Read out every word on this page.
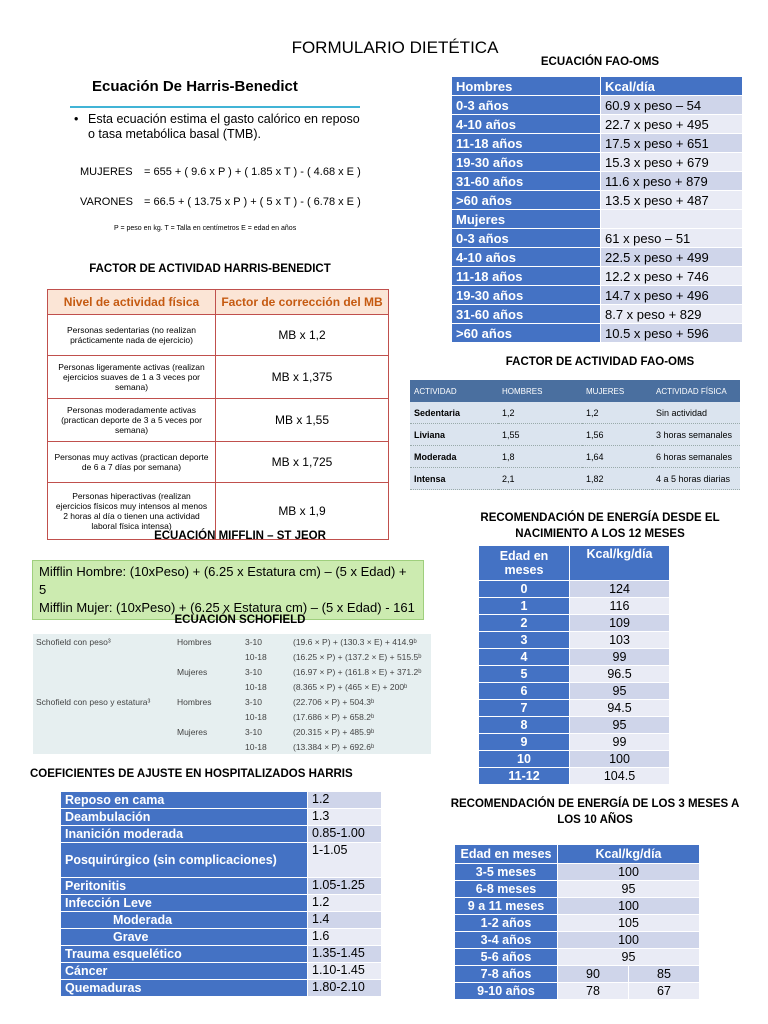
FORMULARIO DIETÉTICA
Ecuación De Harris-Benedict
• Esta ecuación estima el gasto calórico en reposo o tasa metabólica basal (TMB).
MUJERES = 655 + ( 9.6 x P ) + ( 1.85 x T ) - ( 4.68 x E )
VARONES = 66.5 + ( 13.75 x P ) + ( 5 x T ) - ( 6.78 x E )
P = peso en kg. T = Talla en centímetros E = edad en años
ECUACIÓN FAO-OMS
Hombres	Kcal/día
0-3 años	60.9 x peso – 54
4-10 años	22.7 x peso + 495
11-18 años	17.5 x peso + 651
19-30 años	15.3 x peso + 679
31-60 años	11.6 x peso + 879
>60 años	13.5 x peso + 487
Mujeres	
0-3 años	61 x peso – 51
4-10 años	22.5 x peso + 499
11-18 años	12.2 x peso + 746
19-30 años	14.7 x peso + 496
31-60 años	8.7 x peso + 829
>60 años	10.5 x peso + 596
FACTOR DE ACTIVIDAD HARRIS-BENEDICT
Nivel de actividad física	Factor de corrección del MB
Personas sedentarias (no realizan prácticamente nada de ejercicio)	MB x 1,2
Personas ligeramente activas (realizan ejercicios suaves de 1 a 3 veces por semana)	MB x 1,375
Personas moderadamente activas (practican deporte de 3 a 5 veces por semana)	MB x 1,55
Personas muy activas (practican deporte de 6 a 7 días por semana)	MB x 1,725
Personas hiperactivas (realizan ejercicios físicos muy intensos al menos 2 horas al día o tienen una actividad laboral física intensa)	MB x 1,9
FACTOR DE ACTIVIDAD FAO-OMS
ACTIVIDAD	HOMBRES	MUJERES	ACTIVIDAD FÍSICA
Sedentaria	1,2	1,2	Sin actividad
Liviana	1,55	1,56	3 horas semanales
Moderada	1,8	1,64	6 horas semanales
Intensa	2,1	1,82	4 a 5 horas diarias
ECUACIÓN MIFFLIN – ST JEOR
Mifflin Hombre: (10xPeso) + (6.25 x Estatura cm) – (5 x Edad) + 5
Mifflin Mujer: (10xPeso) + (6.25 x Estatura cm) – (5 x Edad) - 161
ECUACIÓN SCHOFIELD
Schofield con peso³	Hombres	3-10	(19.6 × P) + (130.3 × E) + 414.9ᵇ
		10-18	(16.25 × P) + (137.2 × E) + 515.5ᵇ
	Mujeres	3-10	(16.97 × P) + (161.8 × E) + 371.2ᵇ
		10-18	(8.365 × P) + (465 × E) + 200ᵇ
Schofield con peso y estatura³	Hombres	3-10	(22.706 × P) + 504.3ᵇ
		10-18	(17.686 × P) + 658.2ᵇ
	Mujeres	3-10	(20.315 × P) + 485.9ᵇ
		10-18	(13.384 × P) + 692.6ᵇ
COEFICIENTES DE AJUSTE EN HOSPITALIZADOS HARRIS
Reposo en cama	1.2
Deambulación	1.3
Inanición moderada	0.85-1.00
Posquirúrgico (sin complicaciones)	1-1.05
Peritonitis	1.05-1.25
Infección Leve	1.2
Moderada	1.4
Grave	1.6
Trauma esquelético	1.35-1.45
Cáncer	1.10-1.45
Quemaduras	1.80-2.10
RECOMENDACIÓN DE ENERGÍA DESDE EL NACIMIENTO A LOS 12 MESES
Edad en meses	Kcal/kg/día
0	124
1	116
2	109
3	103
4	99
5	96.5
6	95
7	94.5
8	95
9	99
10	100
11-12	104.5
RECOMENDACIÓN DE ENERGÍA DE LOS 3 MESES A LOS 10 AÑOS
Edad en meses	Kcal/kg/día	
3-5 meses	100	
6-8 meses	95	
9 a 11 meses	100	
1-2 años	105	
3-4 años	100	
5-6 años	95	
7-8 años	90	85
9-10 años	78	67
